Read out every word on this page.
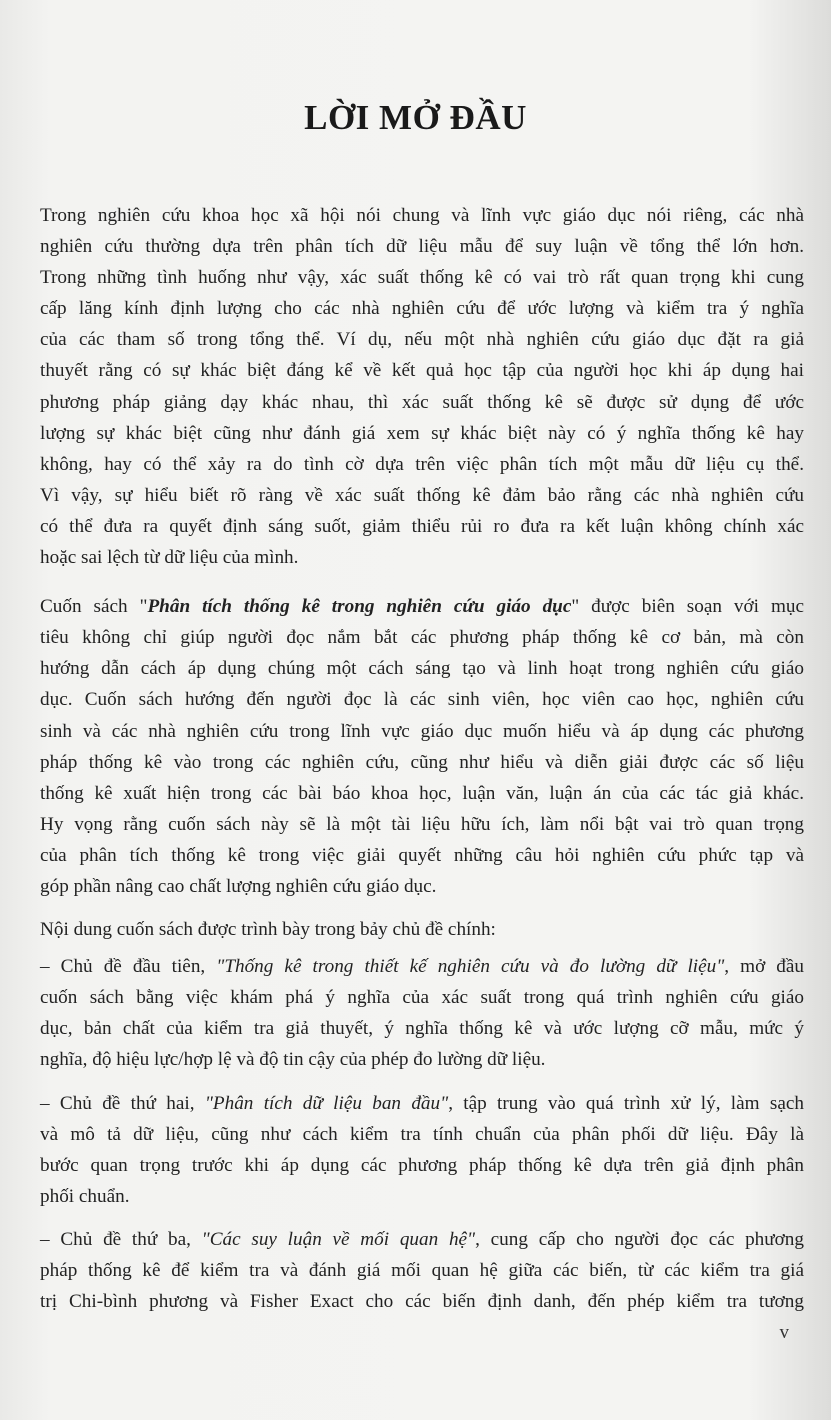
LỜI MỞ ĐẦU

Trong nghiên cứu khoa học xã hội nói chung và lĩnh vực giáo dục nói riêng, các nhà
nghiên cứu thường dựa trên phân tích dữ liệu mẫu để suy luận về tổng thể lớn hơn.
Trong những tình huống như vậy, xác suất thống kê có vai trò rất quan trọng khi cung
cấp lăng kính định lượng cho các nhà nghiên cứu để ước lượng và kiểm tra ý nghĩa
của các tham số trong tổng thể. Ví dụ, nếu một nhà nghiên cứu giáo dục đặt ra giả
thuyết rằng có sự khác biệt đáng kể về kết quả học tập của người học khi áp dụng hai
phương pháp giảng dạy khác nhau, thì xác suất thống kê sẽ được sử dụng để ước
lượng sự khác biệt cũng như đánh giá xem sự khác biệt này có ý nghĩa thống kê hay
không, hay có thể xảy ra do tình cờ dựa trên việc phân tích một mẫu dữ liệu cụ thể.
Vì vậy, sự hiểu biết rõ ràng về xác suất thống kê đảm bảo rằng các nhà nghiên cứu
có thể đưa ra quyết định sáng suốt, giảm thiểu rủi ro đưa ra kết luận không chính xác
hoặc sai lệch từ dữ liệu của mình.

Cuốn sách "Phân tích thống kê trong nghiên cứu giáo dục" được biên soạn với mục
tiêu không chỉ giúp người đọc nắm bắt các phương pháp thống kê cơ bản, mà còn
hướng dẫn cách áp dụng chúng một cách sáng tạo và linh hoạt trong nghiên cứu giáo
dục. Cuốn sách hướng đến người đọc là các sinh viên, học viên cao học, nghiên cứu
sinh và các nhà nghiên cứu trong lĩnh vực giáo dục muốn hiểu và áp dụng các phương
pháp thống kê vào trong các nghiên cứu, cũng như hiểu và diễn giải được các số liệu
thống kê xuất hiện trong các bài báo khoa học, luận văn, luận án của các tác giả khác.
Hy vọng rằng cuốn sách này sẽ là một tài liệu hữu ích, làm nổi bật vai trò quan trọng
của phân tích thống kê trong việc giải quyết những câu hỏi nghiên cứu phức tạp và
góp phần nâng cao chất lượng nghiên cứu giáo dục.

Nội dung cuốn sách được trình bày trong bảy chủ đề chính:

– Chủ đề đầu tiên, "Thống kê trong thiết kế nghiên cứu và đo lường dữ liệu", mở đầu
cuốn sách bằng việc khám phá ý nghĩa của xác suất trong quá trình nghiên cứu giáo
dục, bản chất của kiểm tra giả thuyết, ý nghĩa thống kê và ước lượng cỡ mẫu, mức ý
nghĩa, độ hiệu lực/hợp lệ và độ tin cậy của phép đo lường dữ liệu.

– Chủ đề thứ hai, "Phân tích dữ liệu ban đầu", tập trung vào quá trình xử lý, làm sạch
và mô tả dữ liệu, cũng như cách kiểm tra tính chuẩn của phân phối dữ liệu. Đây là
bước quan trọng trước khi áp dụng các phương pháp thống kê dựa trên giả định phân
phối chuẩn.

– Chủ đề thứ ba, "Các suy luận về mối quan hệ", cung cấp cho người đọc các phương
pháp thống kê để kiểm tra và đánh giá mối quan hệ giữa các biến, từ các kiểm tra giá
trị Chi-bình phương và Fisher Exact cho các biến định danh, đến phép kiểm tra tương

v
